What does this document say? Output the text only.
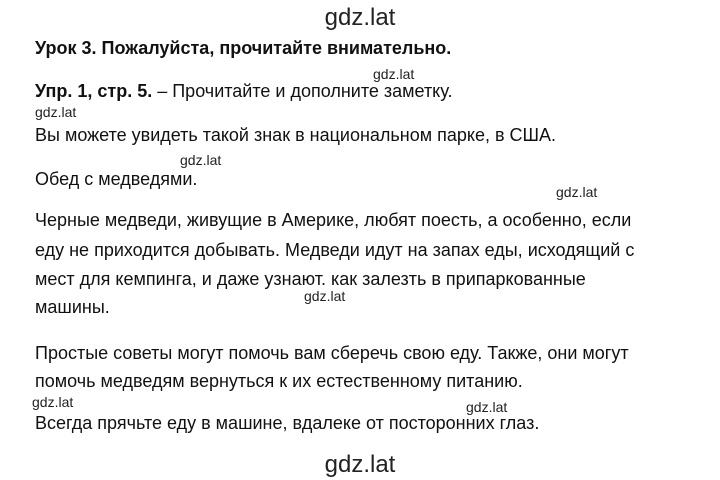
gdz.lat
Урок 3. Пожалуйста, прочитайте внимательно.
gdz.lat
Упр. 1, стр. 5. – Прочитайте и дополните заметку.
gdz.lat
Вы можете увидеть такой знак в национальном парке, в США.
gdz.lat
Обед с медведями.
gdz.lat
Черные медведи, живущие в Америке, любят поесть, а особенно, если
еду не приходится добывать. Медведи идут на запах еды, исходящий с
мест для кемпинга, и даже узнают. как залезть в припаркованные
gdz.lat
машины.
Простые советы могут помочь вам сберечь свою еду. Также, они могут
помочь медведям вернуться к их естественному питанию.
gdz.lat	gdz.lat
Всегда прячьте еду в машине, вдалеке от посторонних глаз.
gdz.lat
